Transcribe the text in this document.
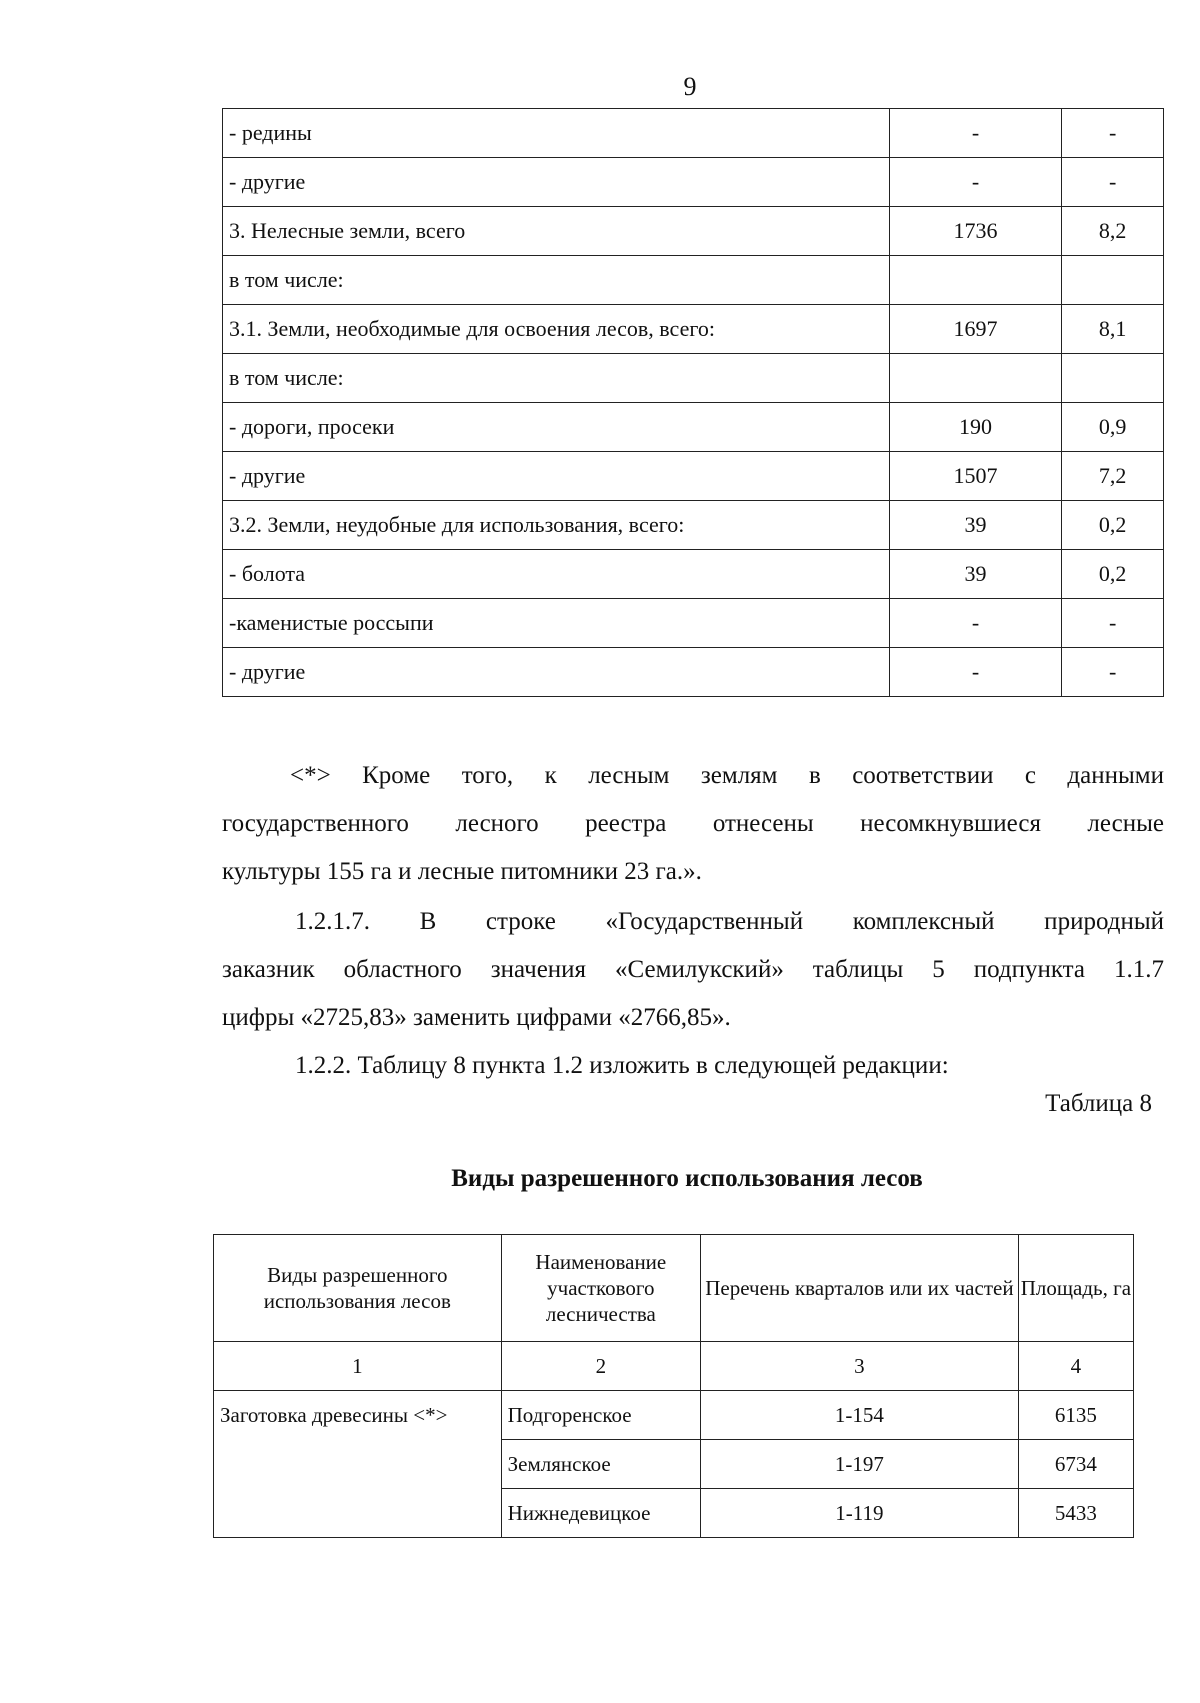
9
- редины	-	-
- другие	-	-
3. Нелесные земли, всего	1736	8,2
в том числе:		
3.1. Земли, необходимые для освоения лесов, всего:	1697	8,1
в том числе:		
- дороги, просеки	190	0,9
- другие	1507	7,2
3.2. Земли, неудобные для использования, всего:	39	0,2
- болота	39	0,2
-каменистые россыпи	-	-
- другие	-	-
<*> Кроме того, к лесным землям в соответствии с данными
государственного лесного реестра отнесены несомкнувшиеся лесные
культуры 155 га и лесные питомники 23 га.».
1.2.1.7. В строке «Государственный комплексный природный
заказник областного значения «Семилукский» таблицы 5 подпункта 1.1.7
цифры «2725,83» заменить цифрами «2766,85».
1.2.2. Таблицу 8 пункта 1.2 изложить в следующей редакции:
Таблица 8
Виды разрешенного использования лесов
Виды разрешенного использования лесов	Наименование участкового лесничества	Перечень кварталов или их частей	Площадь, га
1	2	3	4
Заготовка древесины <*>	Подгоренское	1-154	6135
	Землянское	1-197	6734
	Нижнедевицкое	1-119	5433
